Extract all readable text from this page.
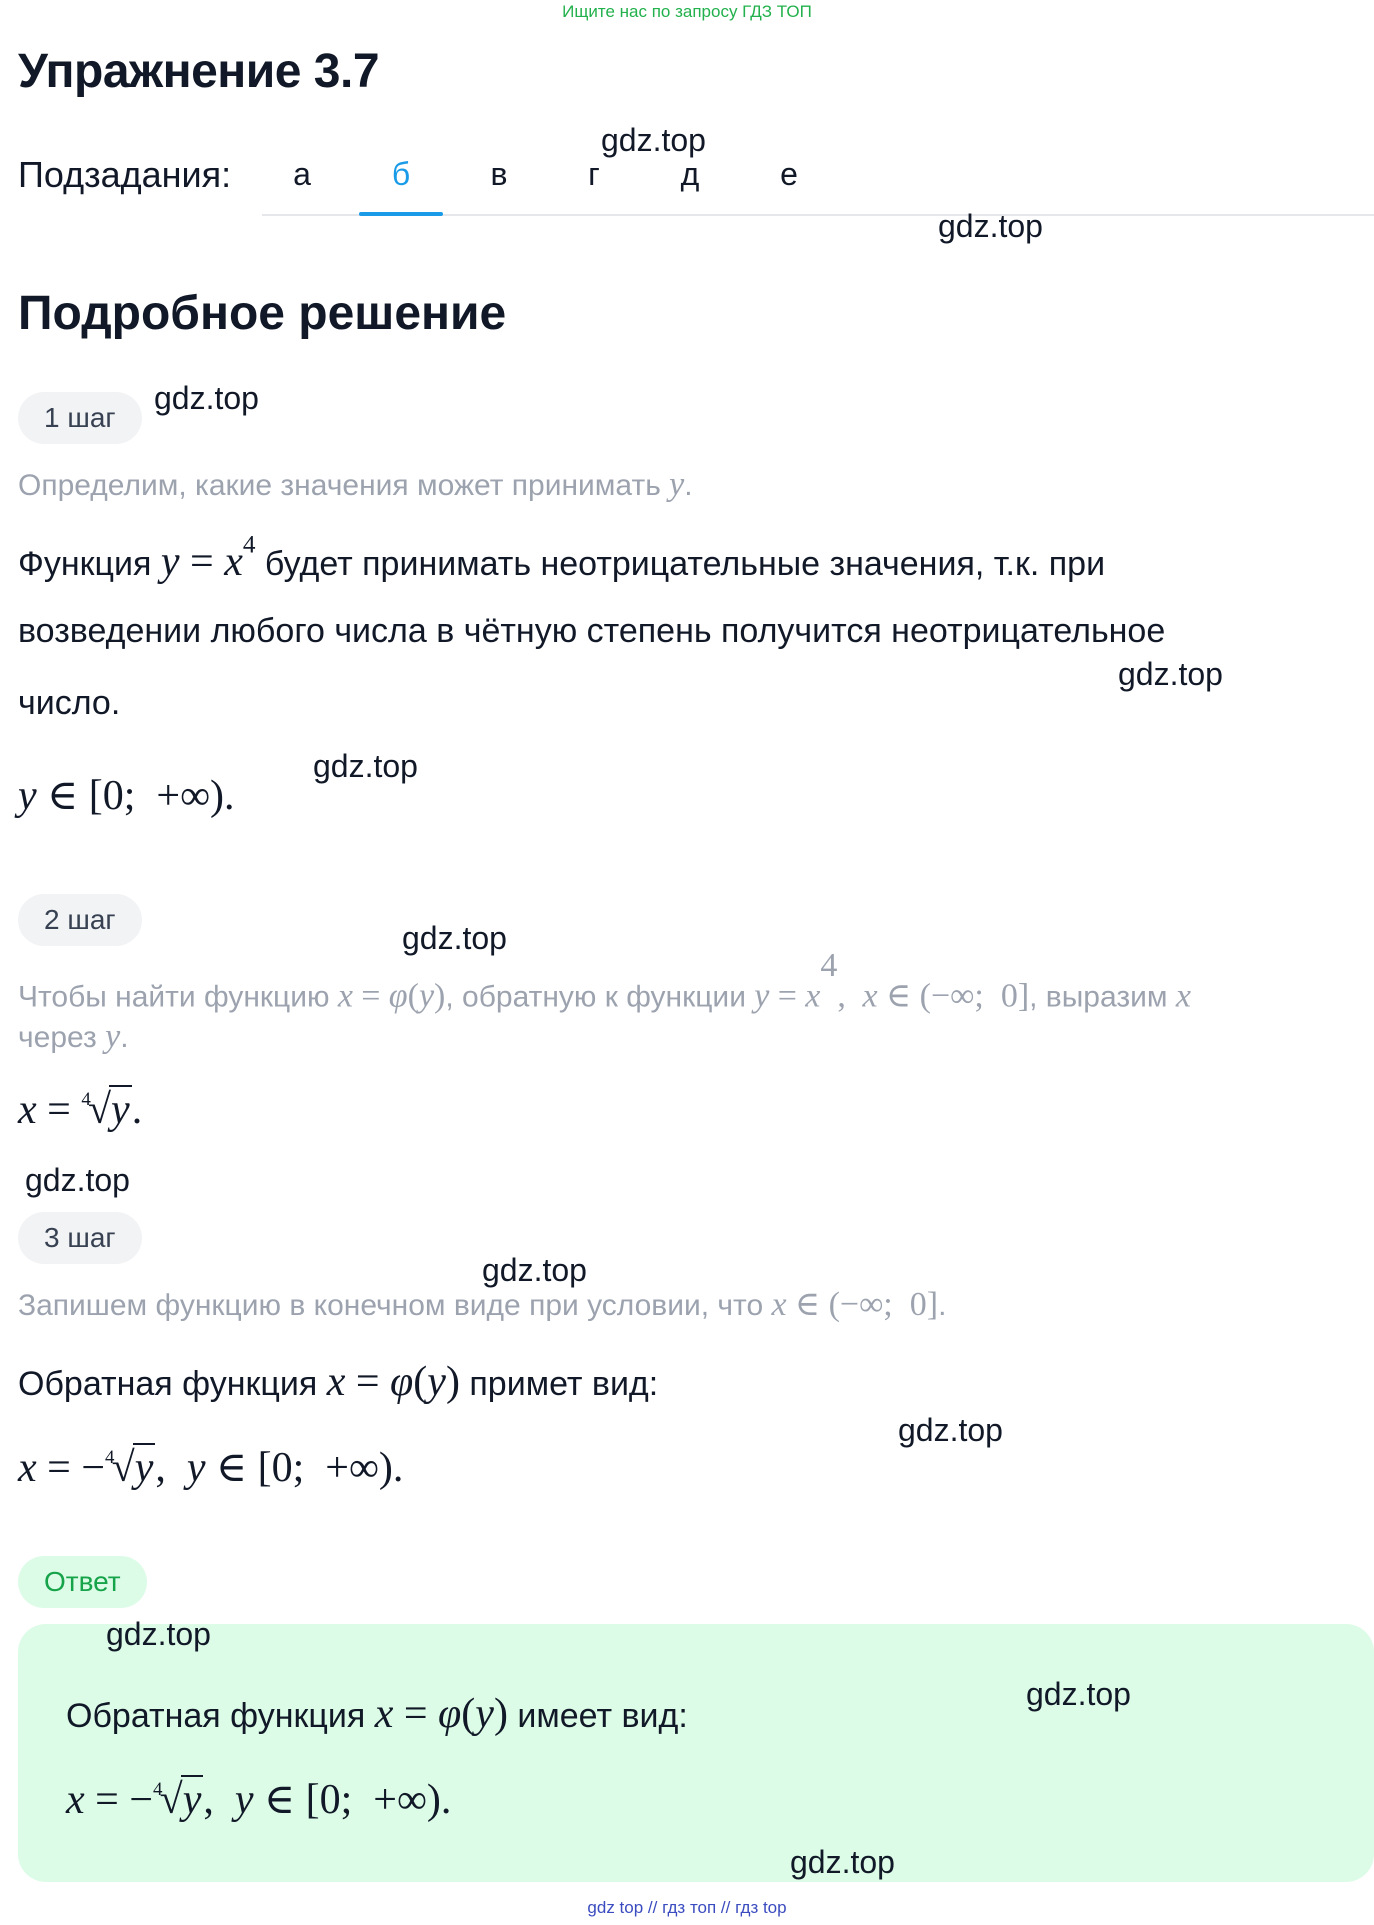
Ищите нас по запросу ГДЗ ТОП
Упражнение 3.7
Подзадания:	а	б	в	г	д	е
Подробное решение
1 шаг
Определим, какие значения может принимать y.
Функция $y = x^4$ будет принимать неотрицательные значения, т.к. при
возведении любого числа в чётную степень получится неотрицательное
число.
y ∈ [0;  +∞).
2 шаг
Чтобы найти функцию x = φ(y), обратную к функции $y = x^4$, x ∈ (−∞;  0], выразим x
через y.
x = $^4$√y.
3 шаг
Запишем функцию в конечном виде при условии, что x ∈ (−∞;  0].
Обратная функция x = φ(y) примет вид:
x = −$^4$√y,  y ∈ [0;  +∞).
Ответ
Обратная функция x = φ(y) имеет вид:
x = −$^4$√y,  y ∈ [0;  +∞).
gdz.top
gdz.top
gdz.top
gdz.top
gdz.top
gdz.top
gdz.top
gdz.top
gdz.top
gdz.top
gdz.top
gdz.top
gdz top // гдз топ // гдз top
